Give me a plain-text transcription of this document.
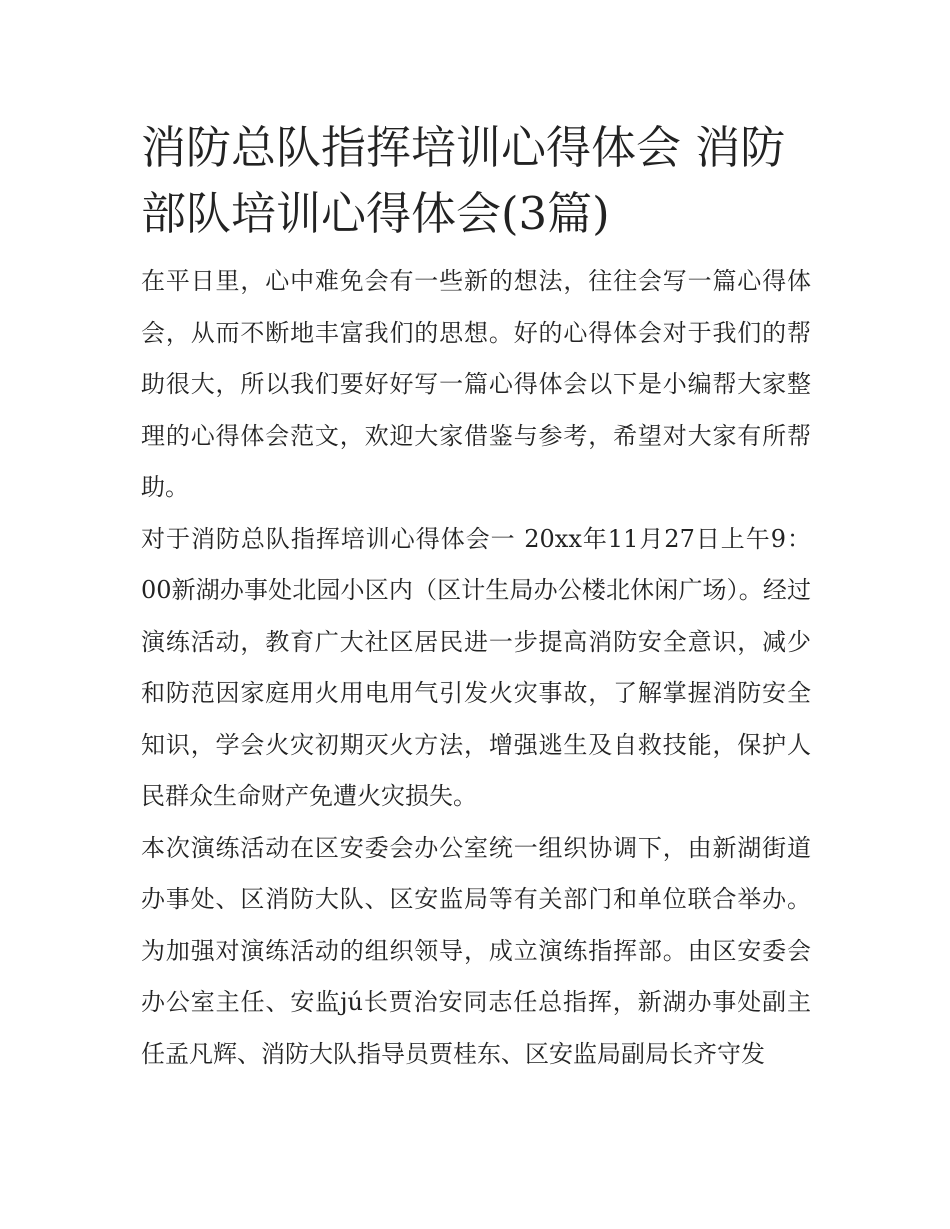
消防总队指挥培训心得体会 消防部队培训心得体会(3篇)

在平日里，心中难免会有一些新的想法，往往会写一篇心得体会，从而不断地丰富我们的思想。好的心得体会对于我们的帮助很大，所以我们要好好写一篇心得体会以下是小编帮大家整理的心得体会范文，欢迎大家借鉴与参考，希望对大家有所帮助。

对于消防总队指挥培训心得体会一 20xx年11月27日上午9：00新湖办事处北园小区内（区计生局办公楼北休闲广场）。经过演练活动，教育广大社区居民进一步提高消防安全意识，减少和防范因家庭用火用电用气引发火灾事故，了解掌握消防安全知识，学会火灾初期灭火方法，增强逃生及自救技能，保护人民群众生命财产免遭火灾损失。

本次演练活动在区安委会办公室统一组织协调下，由新湖街道办事处、区消防大队、区安监局等有关部门和单位联合举办。为加强对演练活动的组织领导，成立演练指挥部。由区安委会办公室主任、安监jú长贾治安同志任总指挥，新湖办事处副主任孟凡辉、消防大队指导员贾桂东、区安监局副局长齐守发
